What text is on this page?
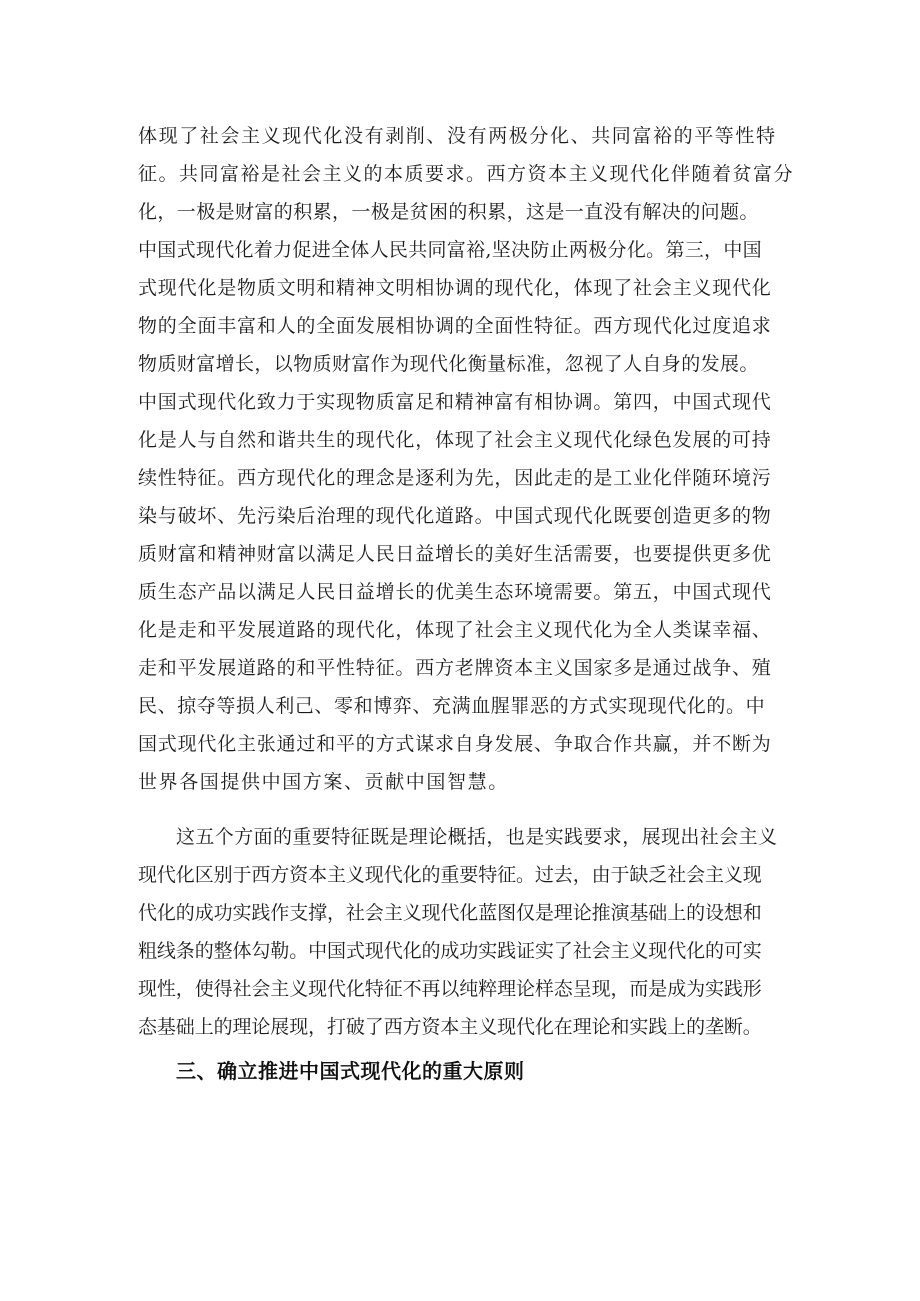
体现了社会主义现代化没有剥削、没有两极分化、共同富裕的平等性特
征。共同富裕是社会主义的本质要求。西方资本主义现代化伴随着贫富分
化，一极是财富的积累，一极是贫困的积累，这是一直没有解决的问题。
中国式现代化着力促进全体人民共同富裕,坚决防止两极分化。第三，中国
式现代化是物质文明和精神文明相协调的现代化，体现了社会主义现代化
物的全面丰富和人的全面发展相协调的全面性特征。西方现代化过度追求
物质财富增长，以物质财富作为现代化衡量标准，忽视了人自身的发展。
中国式现代化致力于实现物质富足和精神富有相协调。第四，中国式现代
化是人与自然和谐共生的现代化，体现了社会主义现代化绿色发展的可持
续性特征。西方现代化的理念是逐利为先，因此走的是工业化伴随环境污
染与破坏、先污染后治理的现代化道路。中国式现代化既要创造更多的物
质财富和精神财富以满足人民日益增长的美好生活需要，也要提供更多优
质生态产品以满足人民日益增长的优美生态环境需要。第五，中国式现代
化是走和平发展道路的现代化，体现了社会主义现代化为全人类谋幸福、
走和平发展道路的和平性特征。西方老牌资本主义国家多是通过战争、殖
民、掠夺等损人利己、零和博弈、充满血腥罪恶的方式实现现代化的。中
国式现代化主张通过和平的方式谋求自身发展、争取合作共赢，并不断为
世界各国提供中国方案、贡献中国智慧。
这五个方面的重要特征既是理论概括，也是实践要求，展现出社会主义
现代化区别于西方资本主义现代化的重要特征。过去，由于缺乏社会主义现
代化的成功实践作支撑，社会主义现代化蓝图仅是理论推演基础上的设想和
粗线条的整体勾勒。中国式现代化的成功实践证实了社会主义现代化的可实
现性，使得社会主义现代化特征不再以纯粹理论样态呈现，而是成为实践形
态基础上的理论展现，打破了西方资本主义现代化在理论和实践上的垄断。
三、确立推进中国式现代化的重大原则
